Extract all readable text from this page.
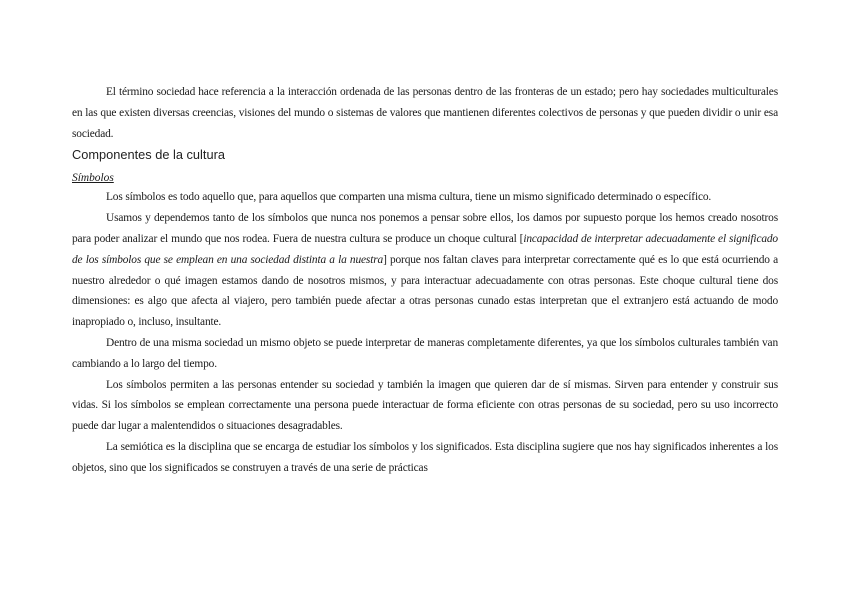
El término sociedad hace referencia a la interacción ordenada de las personas dentro de las fronteras de un estado; pero hay sociedades multiculturales en las que existen diversas creencias, visiones del mundo o sistemas de valores que mantienen diferentes colectivos de personas y que pueden dividir o unir esa sociedad.

Componentes de la cultura

Símbolos

Los símbolos es todo aquello que, para aquellos que comparten una misma cultura, tiene un mismo significado determinado o específico.

Usamos y dependemos tanto de los símbolos que nunca nos ponemos a pensar sobre ellos, los damos por supuesto porque los hemos creado nosotros para poder analizar el mundo que nos rodea. Fuera de nuestra cultura se produce un choque cultural [incapacidad de interpretar adecuadamente el significado de los símbolos que se emplean en una sociedad distinta a la nuestra] porque nos faltan claves para interpretar correctamente qué es lo que está ocurriendo a nuestro alrededor o qué imagen estamos dando de nosotros mismos, y para interactuar adecuadamente con otras personas. Este choque cultural tiene dos dimensiones: es algo que afecta al viajero, pero también puede afectar a otras personas cunado estas interpretan que el extranjero está actuando de modo inapropiado o, incluso, insultante.

Dentro de una misma sociedad un mismo objeto se puede interpretar de maneras completamente diferentes, ya que los símbolos culturales también van cambiando a lo largo del tiempo.

Los símbolos permiten a las personas entender su sociedad y también la imagen que quieren dar de sí mismas. Sirven para entender y construir sus vidas. Si los símbolos se emplean correctamente una persona puede interactuar de forma eficiente con otras personas de su sociedad, pero su uso incorrecto puede dar lugar a malentendidos o situaciones desagradables.

La semiótica es la disciplina que se encarga de estudiar los símbolos y los significados. Esta disciplina sugiere que nos hay significados inherentes a los objetos, sino que los significados se construyen a través de una serie de prácticas
